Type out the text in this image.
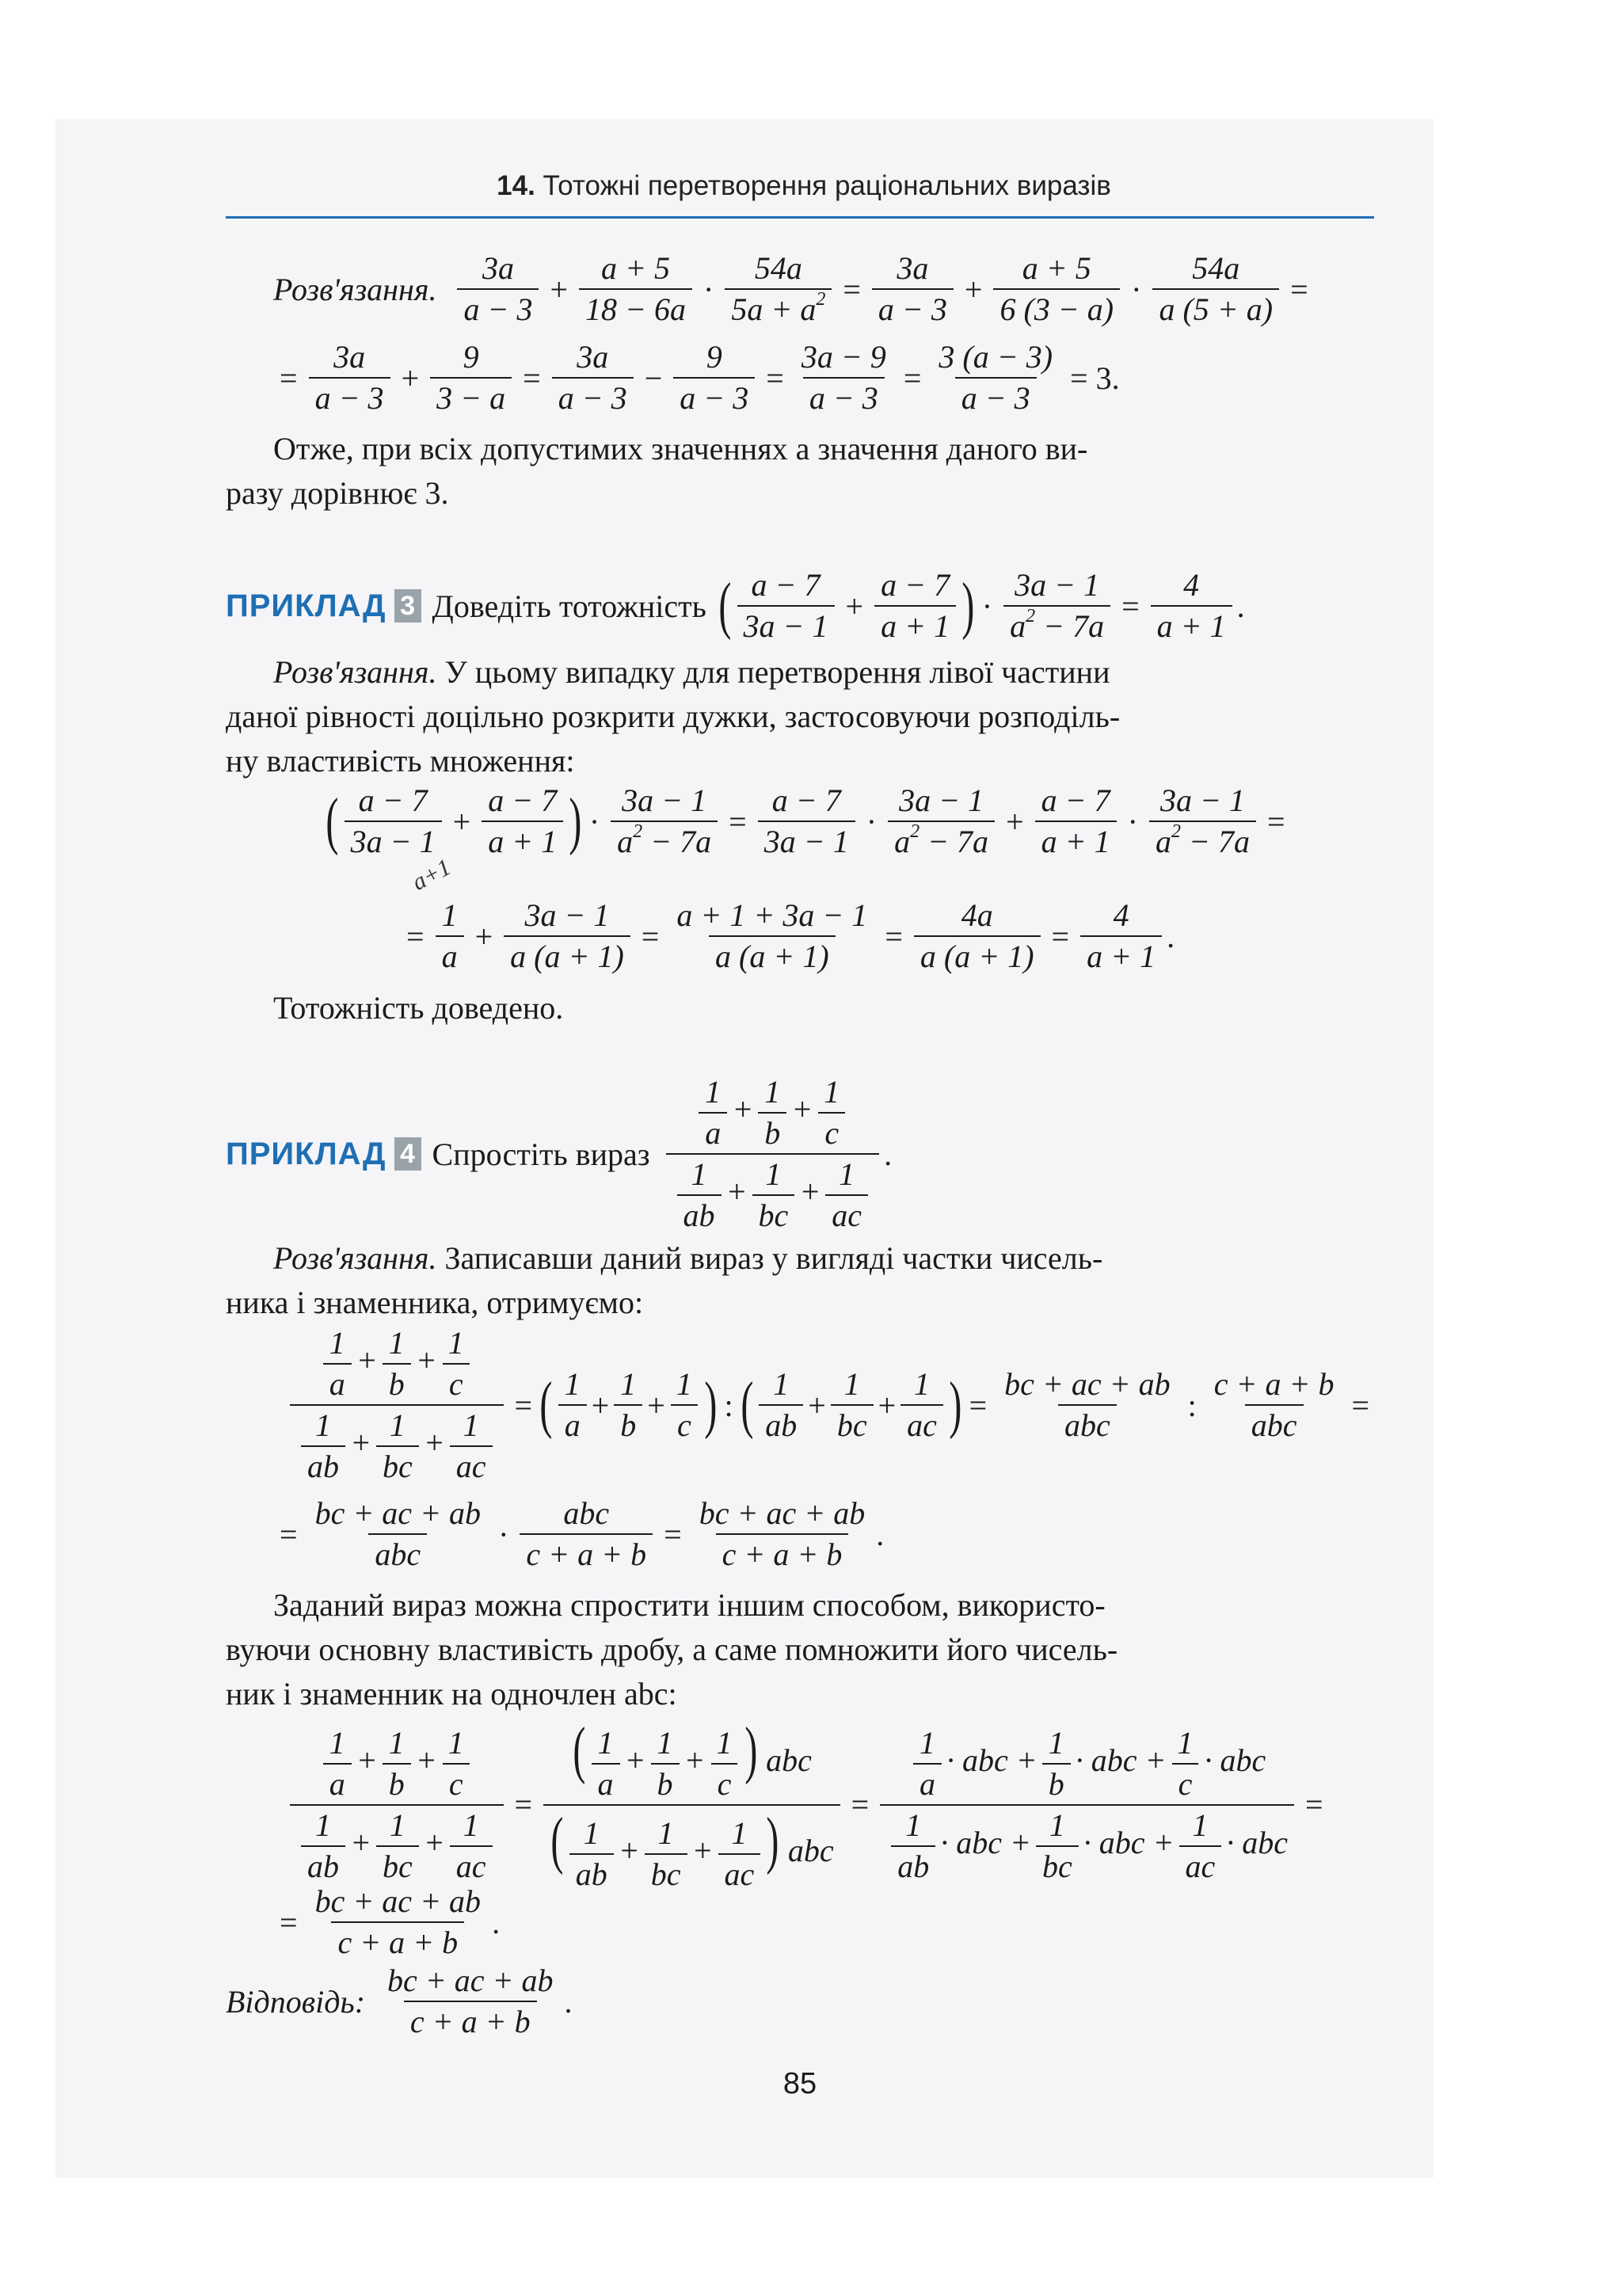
14. Тотожні перетворення раціональних виразів
Розв'язання. $\frac{3a}{a - 3} + \frac{a + 5}{18 - 6a} \cdot \frac{54a}{5a + a^2} = \frac{3a}{a - 3} + \frac{a + 5}{6 (3 - a)} \cdot \frac{54a}{a (5 + a)}$ =
= $\frac{3a}{a - 3} + \frac{9}{3 - a} = \frac{3a}{a - 3} - \frac{9}{a - 3} = \frac{3a - 9}{a - 3} = \frac{3 (a - 3)}{a - 3} = 3$.
Отже, при всіх допустимих значеннях a значення даного ви-
разу дорівнює 3.
ПРИКЛАД 3 Доведіть тотожність ( $\frac{a - 7}{3a - 1} + \frac{a - 7}{a + 1}$ ) · $\frac{3a - 1}{a^2 - 7a} = \frac{4}{a + 1}$ .
Розв'язання. У цьому випадку для перетворення лівої частини
даної рівності доцільно розкрити дужки, застосовуючи розподіль-
ну властивість множення:
( $\frac{a - 7}{3a - 1} + \frac{a - 7}{a + 1}$ ) · $\frac{3a - 1}{a^2 - 7a} = \frac{a - 7}{3a - 1} \cdot \frac{3a - 1}{a^2 - 7a} + \frac{a - 7}{a + 1} \cdot \frac{3a - 1}{a^2 - 7a}$ =
a+1
= $\frac{1}{a} + \frac{3a - 1}{a (a + 1)} = \frac{a + 1 + 3a - 1}{a (a + 1)} = \frac{4a}{a (a + 1)} = \frac{4}{a + 1}$ .
Тотожність доведено.
ПРИКЛАД 4 Спростіть вираз $\frac{\frac{1}{a} + \frac{1}{b} + \frac{1}{c}}{\frac{1}{ab} + \frac{1}{bc} + \frac{1}{ac}}$ .
Розв'язання. Записавши даний вираз у вигляді частки чисель-
ника і знаменника, отримуємо:
$\frac{\frac{1}{a} + \frac{1}{b} + \frac{1}{c}}{\frac{1}{ab} + \frac{1}{bc} + \frac{1}{ac}}$ = ( $\frac{1}{a} + \frac{1}{b} + \frac{1}{c}$ ) : ( $\frac{1}{ab} + \frac{1}{bc} + \frac{1}{ac}$ ) = $\frac{bc + ac + ab}{\text{abc}}$ : $\frac{c + a + b}{\text{abc}}$ =
= $\frac{bc + ac + ab}{\text{abc}} \cdot \frac{\text{abc}}{c + a + b} = \frac{bc + ac + ab}{c + a + b}$ .
Заданий вираз можна спростити іншим способом, використо-
вуючи основну властивість дробу, а саме помножити його чисель-
ник і знаменник на одночлен abc:
$\frac{\frac{1}{a} + \frac{1}{b} + \frac{1}{c}}{\frac{1}{ab} + \frac{1}{bc} + \frac{1}{ac}} = \frac{( \frac{1}{a} + \frac{1}{b} + \frac{1}{c} ) abc}{( \frac{1}{ab} + \frac{1}{bc} + \frac{1}{ac} ) abc} = \frac{\frac{1}{a} \cdot abc + \frac{1}{b} \cdot abc + \frac{1}{c} \cdot abc}{\frac{1}{ab} \cdot abc + \frac{1}{bc} \cdot abc + \frac{1}{ac} \cdot abc}$ =
= $\frac{bc + ac + ab}{c + a + b}$ .
Відповідь: $\frac{bc + ac + ab}{c + a + b}$ .
85
